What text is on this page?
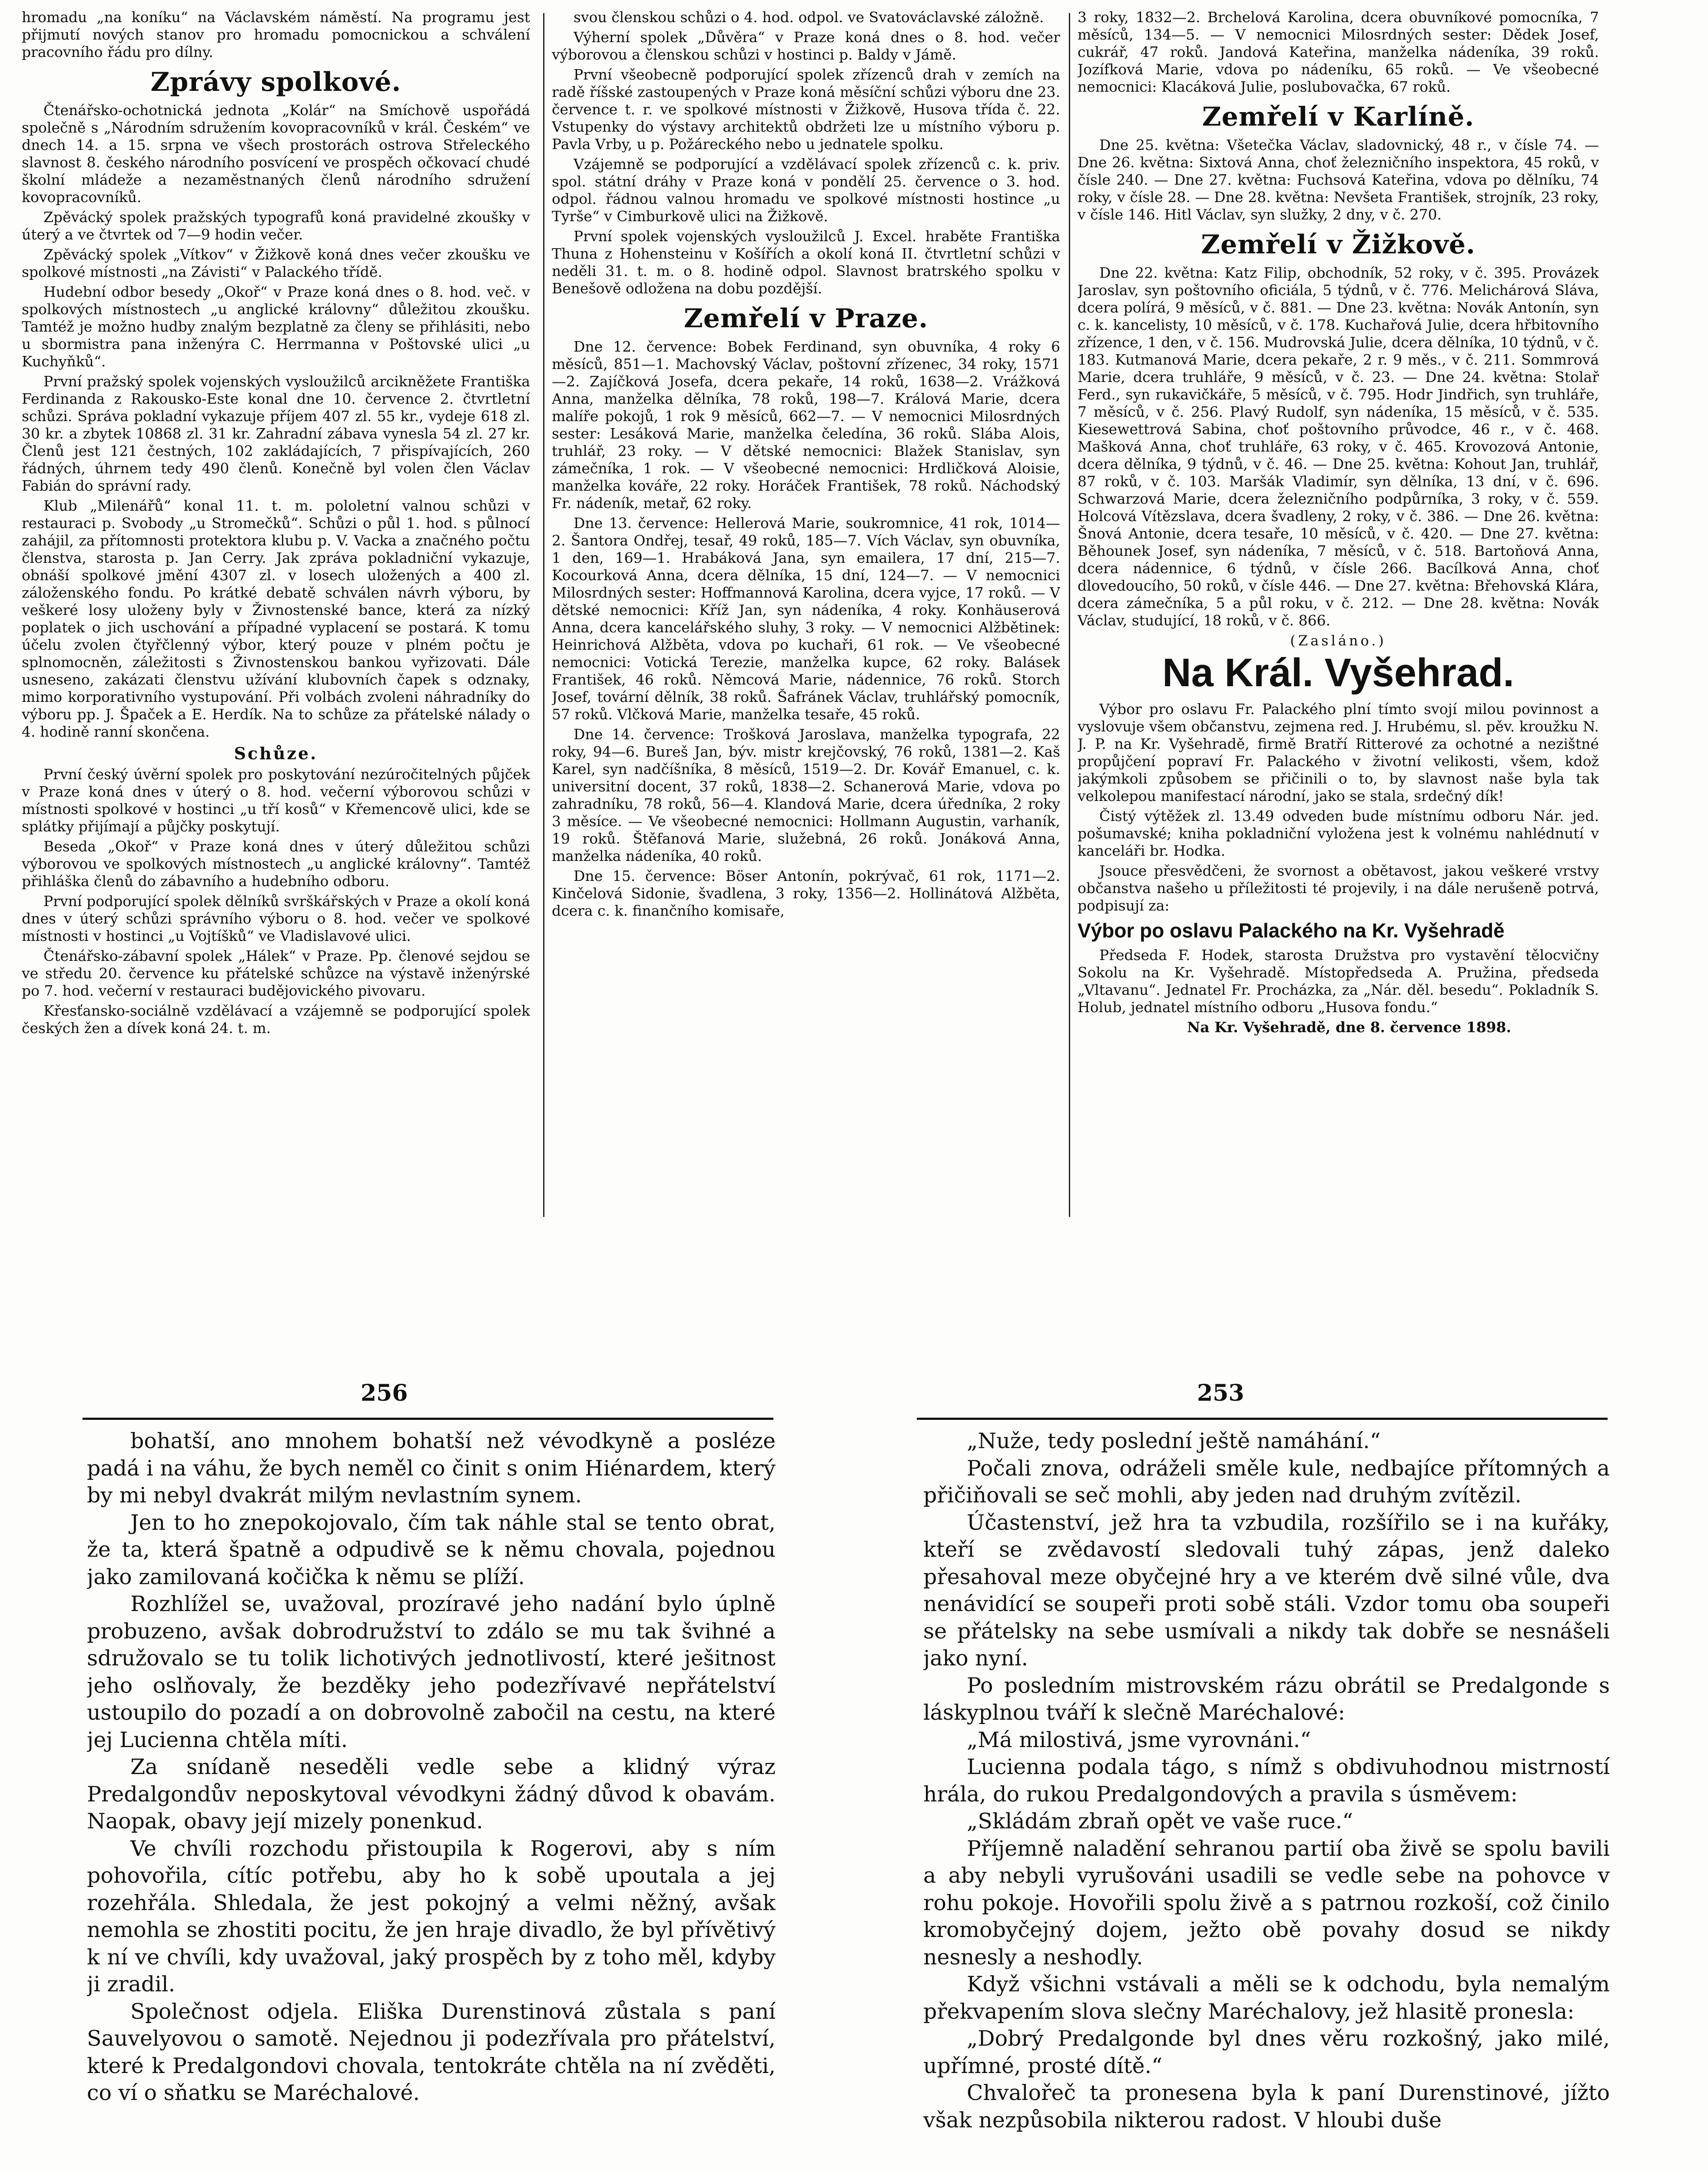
hromadu „na koníku“ na Václavském náměstí. Na programu jest přijmutí nových stanov pro hromadu pomocnickou a schválení pracovního řádu pro dílny.

Zprávy spolkové.

Čtenářsko-ochotnická jednota „Kolár“ na Smíchově uspořádá společně s „Národním sdružením kovopracovníků v král. Českém“ ve dnech 14. a 15. srpna ve všech prostorách ostrova Střeleckého slavnost 8. českého národního posvícení ve prospěch očkovací chudé školní mládeže a nezaměstnaných členů národního sdružení kovopracovníků.

Zpěvácký spolek pražských typografů koná pravidelné zkoušky v úterý a ve čtvrtek od 7—9 hodin večer.

Zpěvácký spolek „Vítkov“ v Žižkově koná dnes večer zkoušku ve spolkové místnosti „na Závisti“ v Palackého třídě.

Hudební odbor besedy „Okoř“ v Praze koná dnes o 8. hod. več. v spolkových místnostech „u anglické královny“ důležitou zkoušku. Tamtéž je možno hudby znalým bezplatně za členy se přihlásiti, nebo u sbormistra pana inženýra C. Herrmanna v Poštovské ulici „u Kuchyňků“.

První pražský spolek vojenských vysloužilců arcikněžete Františka Ferdinanda z Rakousko-Este konal dne 10. července 2. čtvrtletní schůzi. Správa pokladní vykazuje příjem 407 zl. 55 kr., vydeje 618 zl. 30 kr. a zbytek 10868 zl. 31 kr. Zahradní zábava vynesla 54 zl. 27 kr. Členů jest 121 čestných, 102 zakládajících, 7 přispívajících, 260 řádných, úhrnem tedy 490 členů. Konečně byl volen člen Václav Fabián do správní rady.

Klub „Milenářů“ konal 11. t. m. pololetní valnou schůzi v restauraci p. Svobody „u Stromečků“. Schůzi o půl 1. hod. s půlnocí zahájil, za přítomnosti protektora klubu p. V. Vacka a značného počtu členstva, starosta p. Jan Cerry. Jak zpráva pokladniční vykazuje, obnáší spolkové jmění 4307 zl. v losech uložených a 400 zl. záloženského fondu. Po krátké debatě schválen návrh výboru, by veškeré losy uloženy byly v Živnostenské bance, která za nízký poplatek o jich uschování a případné vyplacení se postará. K tomu účelu zvolen čtyřčlenný výbor, který pouze v plném počtu je splnomocněn, záležitosti s Živnostenskou bankou vyřizovati. Dále usneseno, zakázati členstvu užívání klubovních čapek s odznaky, mimo korporativního vystupování. Při volbách zvoleni náhradníky do výboru pp. J. Špaček a E. Herdík. Na to schůze za přátelské nálady o 4. hodině ranní skončena.

Schůze.

První český úvěrní spolek pro poskytování nezúročitelných půjček v Praze koná dnes v úterý o 8. hod. večerní výborovou schůzi v místnosti spolkové v hostinci „u tří kosů“ v Křemencově ulici, kde se splátky přijímají a půjčky poskytují.

Beseda „Okoř“ v Praze koná dnes v úterý důležitou schůzi výborovou ve spolkových místnostech „u anglické královny“. Tamtéž přihláška členů do zábavního a hudebního odboru.

První podporující spolek dělníků svrškářských v Praze a okolí koná dnes v úterý schůzi správního výboru o 8. hod. večer ve spolkové místnosti v hostinci „u Vojtíšků“ ve Vladislavové ulici.

Čtenářsko-zábavní spolek „Hálek“ v Praze. Pp. členové sejdou se ve středu 20. července ku přátelské schůzce na výstavě inženýrské po 7. hod. večerní v restauraci budějovického pivovaru.

Křesťansko-sociálně vzdělávací a vzájemně se podporující spolek českých žen a dívek koná 24. t. m.

svou členskou schůzi o 4. hod. odpol. ve Svatováclavské záložně.

Výherní spolek „Důvěra“ v Praze koná dnes o 8. hod. večer výborovou a členskou schůzi v hostinci p. Baldy v Jámě.

První všeobecně podporující spolek zřízenců drah v zemích na radě říšské zastoupených v Praze koná měsíční schůzi výboru dne 23. července t. r. ve spolkové místnosti v Žižkově, Husova třída č. 22. Vstupenky do výstavy architektů obdržeti lze u místního výboru p. Pavla Vrby, u p. Požáreckého nebo u jednatele spolku.

Vzájemně se podporující a vzdělávací spolek zřízenců c. k. priv. spol. státní dráhy v Praze koná v pondělí 25. července o 3. hod. odpol. řádnou valnou hromadu ve spolkové místnosti hostince „u Tyrše“ v Cimburkově ulici na Žižkově.

První spolek vojenských vysloužilců J. Excel. hraběte Františka Thuna z Hohensteinu v Košířích a okolí koná II. čtvrtletní schůzi v neděli 31. t. m. o 8. hodině odpol. Slavnost bratrského spolku v Benešově odložena na dobu pozdější.

Zemřelí v Praze.

Dne 12. července: Bobek Ferdinand, syn obuvníka, 4 roky 6 měsíců, 851—1. Machovský Václav, poštovní zřízenec, 34 roky, 1571—2. Zajíčková Josefa, dcera pekaře, 14 roků, 1638—2. Vrážková Anna, manželka dělníka, 78 roků, 198—7. Králová Marie, dcera malíře pokojů, 1 rok 9 měsíců, 662—7. — V nemocnici Milosrdných sester: Lesáková Marie, manželka čeledína, 36 roků. Slába Alois, truhlář, 23 roky. — V dětské nemocnici: Blažek Stanislav, syn zámečníka, 1 rok. — V všeobecné nemocnici: Hrdličková Aloisie, manželka kováře, 22 roky. Horáček František, 78 roků. Náchodský Fr. nádeník, metař, 62 roky.

Dne 13. července: Hellerová Marie, soukromnice, 41 rok, 1014—2. Šantora Ondřej, tesař, 49 roků, 185—7. Vích Václav, syn obuvníka, 1 den, 169—1. Hrabáková Jana, syn emailera, 17 dní, 215—7. Kocourková Anna, dcera dělníka, 15 dní, 124—7. — V nemocnici Milosrdných sester: Hoffmannová Karolina, dcera vyjce, 17 roků. — V dětské nemocnici: Kříž Jan, syn nádeníka, 4 roky. Konhäuserová Anna, dcera kancelářského sluhy, 3 roky. — V nemocnici Alžbětinek: Heinrichová Alžběta, vdova po kuchaři, 61 rok. — Ve všeobecné nemocnici: Votická Terezie, manželka kupce, 62 roky. Balásek František, 46 roků. Němcová Marie, nádennice, 76 roků. Storch Josef, tovární dělník, 38 roků. Šafránek Václav, truhlářský pomocník, 57 roků. Vlčková Marie, manželka tesaře, 45 roků.

Dne 14. července: Trošková Jaroslava, manželka typografa, 22 roky, 94—6. Bureš Jan, býv. mistr krejčovský, 76 roků, 1381—2. Kaš Karel, syn nadčíšníka, 8 měsíců, 1519—2. Dr. Kovář Emanuel, c. k. universitní docent, 37 roků, 1838—2. Schanerová Marie, vdova po zahradníku, 78 roků, 56—4. Klandová Marie, dcera úředníka, 2 roky 3 měsíce. — Ve všeobecné nemocnici: Hollmann Augustin, varhaník, 19 roků. Štěfanová Marie, služebná, 26 roků. Jonáková Anna, manželka nádeníka, 40 roků.

Dne 15. července: Böser Antonín, pokrývač, 61 rok, 1171—2. Kinčelová Sidonie, švadlena, 3 roky, 1356—2. Hollinátová Alžběta, dcera c. k. finančního komisaře,

3 roky, 1832—2. Brchelová Karolina, dcera obuvníkové pomocníka, 7 měsíců, 134—5. — V nemocnici Milosrdných sester: Dědek Josef, cukrář, 47 roků. Jandová Kateřina, manželka nádeníka, 39 roků. Jozífková Marie, vdova po nádeníku, 65 roků. — Ve všeobecné nemocnici: Klacáková Julie, poslubovačka, 67 roků.

Zemřelí v Karlíně.

Dne 25. května: Všetečka Václav, sladovnický, 48 r., v čísle 74. — Dne 26. května: Sixtová Anna, choť železničního inspektora, 45 roků, v čísle 240. — Dne 27. května: Fuchsová Kateřina, vdova po dělníku, 74 roky, v čísle 28. — Dne 28. května: Nevšeta František, strojník, 23 roky, v čísle 146. Hitl Václav, syn služky, 2 dny, v č. 270.

Zemřelí v Žižkově.

Dne 22. května: Katz Filip, obchodník, 52 roky, v č. 395. Provázek Jaroslav, syn poštovního oficiála, 5 týdnů, v č. 776. Melichárová Sláva, dcera polírá, 9 měsíců, v č. 881. — Dne 23. května: Novák Antonín, syn c. k. kancelisty, 10 měsíců, v č. 178. Kuchařová Julie, dcera hřbitovního zřízence, 1 den, v č. 156. Mudrovská Julie, dcera dělníka, 10 týdnů, v č. 183. Kutmanová Marie, dcera pekaře, 2 r. 9 měs., v č. 211. Sommrová Marie, dcera truhláře, 9 měsíců, v č. 23. — Dne 24. května: Stolař Ferd., syn rukavičkáře, 5 měsíců, v č. 795. Hodr Jindřich, syn truhláře, 7 měsíců, v č. 256. Plavý Rudolf, syn nádeníka, 15 měsíců, v č. 535. Kiesewettrová Sabina, choť poštovního průvodce, 46 r., v č. 468. Mašková Anna, choť truhláře, 63 roky, v č. 465. Krovozová Antonie, dcera dělníka, 9 týdnů, v č. 46. — Dne 25. května: Kohout Jan, truhlář, 87 roků, v č. 103. Maršák Vladimír, syn dělníka, 13 dní, v č. 696. Schwarzová Marie, dcera železničního podpůrníka, 3 roky, v č. 559. Holcová Vítězslava, dcera švadleny, 2 roky, v č. 386. — Dne 26. května: Šnová Antonie, dcera tesaře, 10 měsíců, v č. 420. — Dne 27. května: Běhounek Josef, syn nádeníka, 7 měsíců, v č. 518. Bartoňová Anna, dcera nádennice, 6 týdnů, v čísle 266. Bacílková Anna, choť dlovedoucího, 50 roků, v čísle 446. — Dne 27. května: Břehovská Klára, dcera zámečníka, 5 a půl roku, v č. 212. — Dne 28. května: Novák Václav, studující, 18 roků, v č. 866.

(Zasláno.)
Na Král. Vyšehrad.

Výbor pro oslavu Fr. Palackého plní tímto svojí milou povinnost a vyslovuje všem občanstvu, zejmena red. J. Hrubému, sl. pěv. kroužku N. J. P. na Kr. Vyšehradě, firmě Bratří Ritterové za ochotné a nezištné propůjčení popraví Fr. Palackého v životní velikosti, všem, kdož jakýmkoli způsobem se přičinili o to, by slavnost naše byla tak velkolepou manifestací národní, jako se stala, srdečný dík!

Čistý výtěžek zl. 13.49 odveden bude místnímu odboru Nár. jed. pošumavské; kniha pokladniční vyložena jest k volnému nahlédnutí v kanceláři br. Hodka.

Jsouce přesvědčeni, že svornost a obětavost, jakou veškeré vrstvy občanstva našeho u příležitosti té projevily, i na dále nerušeně potrvá, podpisují za:

Výbor po oslavu Palackého na Kr. Vyšehradě

Předseda F. Hodek, starosta Družstva pro vystavění tělocvičny Sokolu na Kr. Vyšehradě. Místopředseda A. Pružina, předseda „Vltavanu“. Jednatel Fr. Procházka, za „Nár. děl. besedu“. Pokladník S. Holub, jednatel místního odboru „Husova fondu.“

Na Kr. Vyšehradě, dne 8. července 1898.

256

bohatší, ano mnohem bohatší než vévodkyně a posléze padá i na váhu, že bych neměl co činit s onim Hiénardem, který by mi nebyl dvakrát milým nevlastním synem.

Jen to ho znepokojovalo, čím tak náhle stal se tento obrat, že ta, která špatně a odpudivě se k němu chovala, pojednou jako zamilovaná kočička k němu se plíží.

Rozhlížel se, uvažoval, prozíravé jeho nadání bylo úplně probuzeno, avšak dobrodružství to zdálo se mu tak švihné a sdružovalo se tu tolik lichotivých jednotlivostí, které ješitnost jeho oslňovaly, že bezděky jeho podezřívavé nepřátelství ustoupilo do pozadí a on dobrovolně zabočil na cestu, na které jej Lucienna chtěla míti.

Za snídaně neseděli vedle sebe a klidný výraz Predalgondův neposkytoval vévodkyni žádný důvod k obavám. Naopak, obavy její mizely ponenkud.

Ve chvíli rozchodu přistoupila k Rogerovi, aby s ním pohovořila, cítíc potřebu, aby ho k sobě upoutala a jej rozehřála. Shledala, že jest pokojný a velmi něžný, avšak nemohla se zhostiti pocitu, že jen hraje divadlo, že byl přívětivý k ní ve chvíli, kdy uvažoval, jaký prospěch by z toho měl, kdyby ji zradil.

Společnost odjela. Eliška Durenstinová zůstala s paní Sauvelyovou o samotě. Nejednou ji podezřívala pro přátelství, které k Predalgondovi chovala, tentokráte chtěla na ní zvěděti, co ví o sňatku se Maréchalové.

253

„Nuže, tedy poslední ještě namáhání.“

Počali znova, odráželi směle kule, nedbajíce přítomných a přičiňovali se seč mohli, aby jeden nad druhým zvítězil.

Účastenství, jež hra ta vzbudila, rozšířilo se i na kuřáky, kteří se zvědavostí sledovali tuhý zápas, jenž daleko přesahoval meze obyčejné hry a ve kterém dvě silné vůle, dva nenávidící se soupeři proti sobě stáli. Vzdor tomu oba soupeři se přátelsky na sebe usmívali a nikdy tak dobře se nesnášeli jako nyní.

Po posledním mistrovském rázu obrátil se Predalgonde s láskyplnou tváří k slečně Maréchalové:

„Má milostivá, jsme vyrovnáni.“

Lucienna podala tágo, s nímž s obdivuhodnou mistrností hrála, do rukou Predalgondových a pravila s úsměvem:

„Skládám zbraň opět ve vaše ruce.“

Příjemně naladění sehranou partií oba živě se spolu bavili a aby nebyli vyrušováni usadili se vedle sebe na pohovce v rohu pokoje. Hovořili spolu živě a s patrnou rozkoší, což činilo kromobyčejný dojem, ježto obě povahy dosud se nikdy nesnesly a neshodly.

Když všichni vstávali a měli se k odchodu, byla nemalým překvapením slova slečny Maréchalovy, jež hlasitě pronesla:

„Dobrý Predalgonde byl dnes věru rozkošný, jako milé, upřímné, prosté dítě.“

Chvalořeč ta pronesena byla k paní Durenstinové, jížto však nezpůsobila nikterou radost. V hloubi duše
